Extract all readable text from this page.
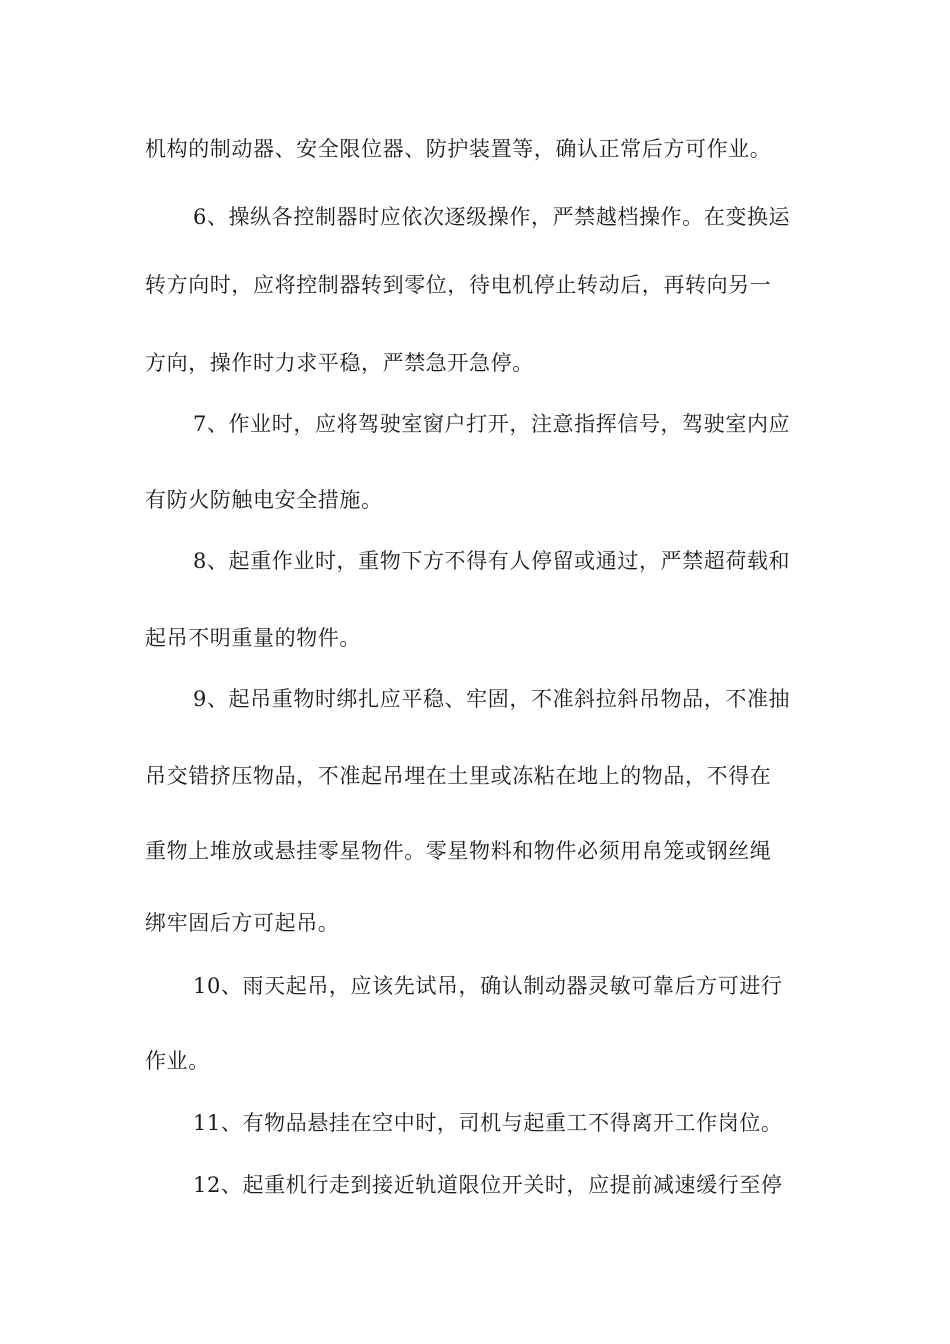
机构的制动器、安全限位器、防护装置等，确认正常后方可作业。
6、操纵各控制器时应依次逐级操作，严禁越档操作。在变换运
转方向时，应将控制器转到零位，待电机停止转动后，再转向另一
方向，操作时力求平稳，严禁急开急停。
7、作业时，应将驾驶室窗户打开，注意指挥信号，驾驶室内应
有防火防触电安全措施。
8、起重作业时，重物下方不得有人停留或通过，严禁超荷载和
起吊不明重量的物件。
9、起吊重物时绑扎应平稳、牢固，不准斜拉斜吊物品，不准抽
吊交错挤压物品，不准起吊埋在土里或冻粘在地上的物品，不得在
重物上堆放或悬挂零星物件。零星物料和物件必须用帛笼或钢丝绳
绑牢固后方可起吊。
10、雨天起吊，应该先试吊，确认制动器灵敏可靠后方可进行
作业。
11、有物品悬挂在空中时，司机与起重工不得离开工作岗位。
12、起重机行走到接近轨道限位开关时，应提前减速缓行至停
